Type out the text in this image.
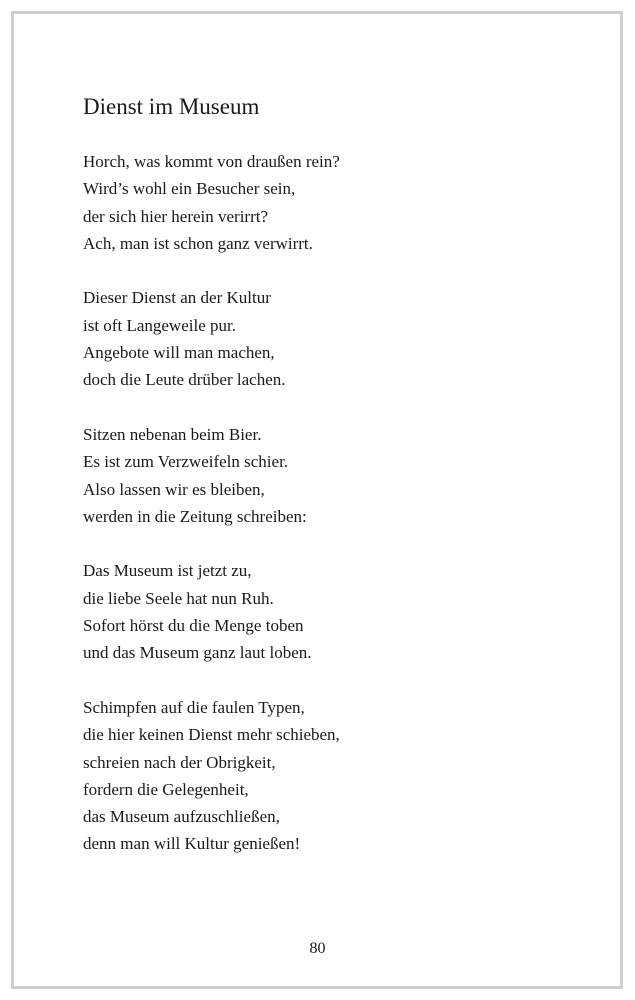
Dienst im Museum

Horch, was kommt von draußen rein?
Wird’s wohl ein Besucher sein,
der sich hier herein verirrt?
Ach, man ist schon ganz verwirrt.

Dieser Dienst an der Kultur
ist oft Langeweile pur.
Angebote will man machen,
doch die Leute drüber lachen.

Sitzen nebenan beim Bier.
Es ist zum Verzweifeln schier.
Also lassen wir es bleiben,
werden in die Zeitung schreiben:

Das Museum ist jetzt zu,
die liebe Seele hat nun Ruh.
Sofort hörst du die Menge toben
und das Museum ganz laut loben.

Schimpfen auf die faulen Typen,
die hier keinen Dienst mehr schieben,
schreien nach der Obrigkeit,
fordern die Gelegenheit,
das Museum aufzuschließen,
denn man will Kultur genießen!

80
